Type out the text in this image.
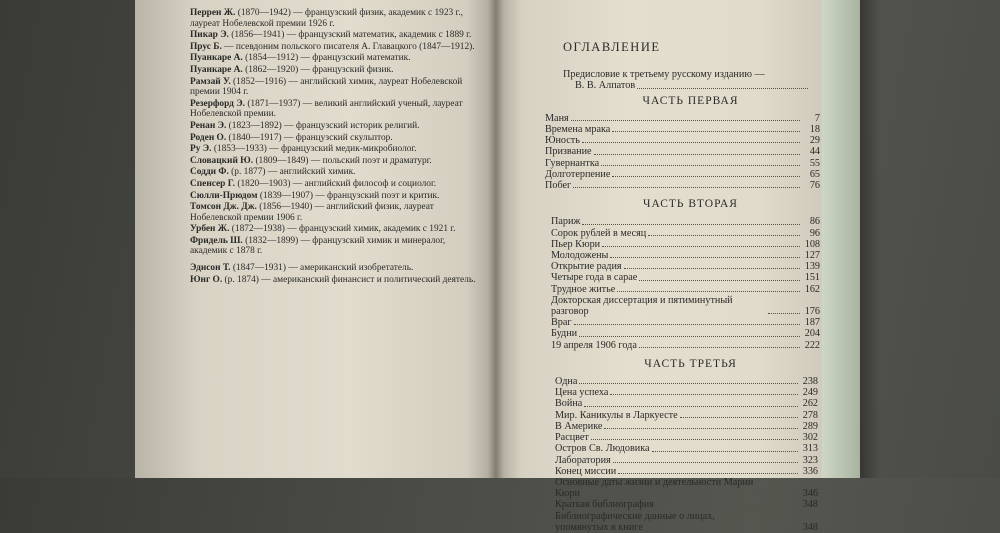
Перрен Ж. (1870—1942) — французский физик, академик с 1923 г., лауреат Нобелевской премии 1926 г.
Пикар Э. (1856—1941) — французский математик, академик с 1889 г.
Прус Б. — псевдоним польского писателя А. Главацкого (1847—1912).
Пуанкаре А. (1854—1912) — французский математик.
Пуанкаре А. (1862—1920) — французский физик.
Рамзай У. (1852—1916) — английский химик, лауреат Нобелевской премии 1904 г.
Резерфорд Э. (1871—1937) — великий английский ученый, лауреат Нобелевской премии.
Ренан Э. (1823—1892) — французский историк религий.
Роден О. (1840—1917) — французский скульптор.
Ру Э. (1853—1933) — французский медик-микробиолог.
Словацкий Ю. (1809—1849) — польский поэт и драматург.
Содди Ф. (р. 1877) — английский химик.
Спенсер Г. (1820—1903) — английский философ и социолог.
Сюлли-Прюдом (1839—1907) — французский поэт и критик.
Томсон Дж. Дж. (1856—1940) — английский физик, лауреат Нобелевской премии 1906 г.
Урбен Ж. (1872—1938) — французский химик, академик с 1921 г.
Фридель Ш. (1832—1899) — французский химик и минералог, академик с 1878 г.
Эдисон Т. (1847—1931) — американский изобретатель.
Юнг О. (р. 1874) — американский финансист и политический деятель.
ОГЛАВЛЕНИЕ
Предисловие к третьему русскому изданию —
В. В. Алпатов
ЧАСТЬ ПЕРВАЯ
Маня	7
Времена мрака	18
Юность	29
Призвание	44
Гувернантка	55
Долготерпение	65
Побег	76
ЧАСТЬ ВТОРАЯ
Париж	86
Сорок рублей в месяц	96
Пьер Кюри	108
Молодожены	127
Открытие радия	139
Четыре года в сарае	151
Трудное житье	162
Докторская диссертация и пятиминутный разговор	176
Враг	187
Будни	204
19 апреля 1906 года	222
ЧАСТЬ ТРЕТЬЯ
Одна	238
Цена успеха	249
Война	262
Мир. Каникулы в Ларкуесте	278
В Америке	289
Расцвет	302
Остров Св. Людовика	313
Лаборатория	323
Конец миссии	336
Основные даты жизни и деятельности Марии Кюри	346
Краткая библиография	348
Библиографические данные о лицах, упомянутых в книге	348
